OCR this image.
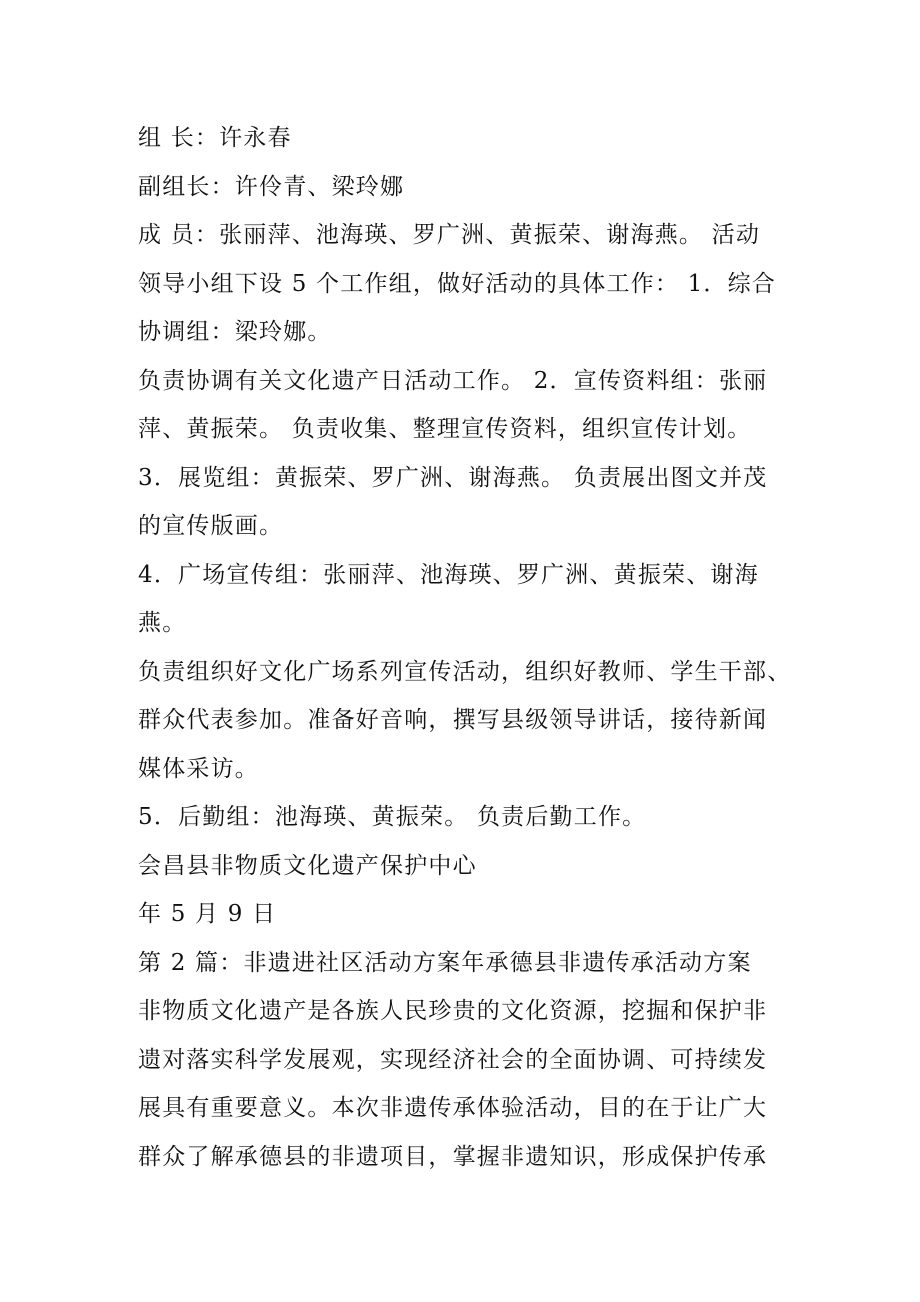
组 长：许永春
副组长：许伶青、梁玲娜
成 员：张丽萍、池海瑛、罗广洲、黄振荣、谢海燕。 活动
领导小组下设 5 个工作组，做好活动的具体工作： 1．综合
协调组：梁玲娜。
负责协调有关文化遗产日活动工作。 2．宣传资料组：张丽
萍、黄振荣。 负责收集、整理宣传资料，组织宣传计划。
3．展览组：黄振荣、罗广洲、谢海燕。 负责展出图文并茂
的宣传版画。
4．广场宣传组：张丽萍、池海瑛、罗广洲、黄振荣、谢海
燕。
负责组织好文化广场系列宣传活动，组织好教师、学生干部、
群众代表参加。准备好音响，撰写县级领导讲话，接待新闻
媒体采访。
5．后勤组：池海瑛、黄振荣。 负责后勤工作。
会昌县非物质文化遗产保护中心
年 5 月 9 日
第 2 篇：非遗进社区活动方案年承德县非遗传承活动方案
非物质文化遗产是各族人民珍贵的文化资源，挖掘和保护非
遗对落实科学发展观，实现经济社会的全面协调、可持续发
展具有重要意义。本次非遗传承体验活动，目的在于让广大
群众了解承德县的非遗项目，掌握非遗知识，形成保护传承
